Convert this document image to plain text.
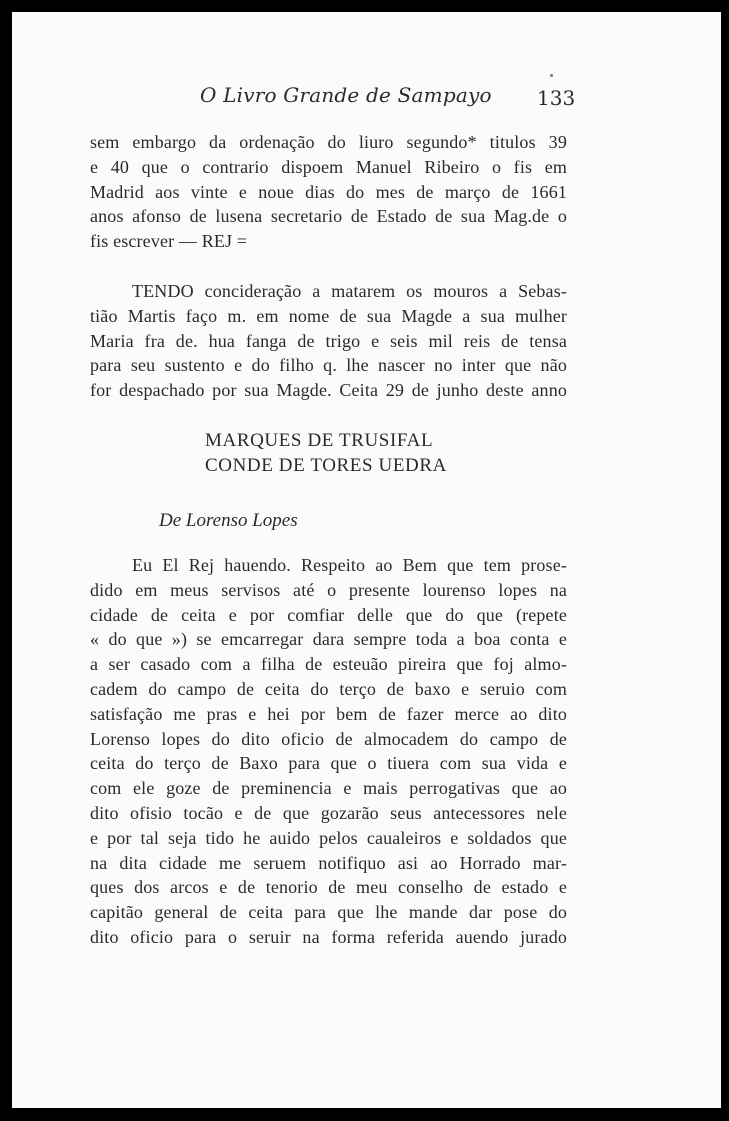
O Livro Grande de Sampayo 133
sem embargo da ordenação do liuro segundo* titulos 39
e 40 que o contrario dispoem Manuel Ribeiro o fis em
Madrid aos vinte e noue dias do mes de março de 1661
anos afonso de lusena secretario de Estado de sua Mag.de o
fis escrever — REJ =
TENDO concideração a matarem os mouros a Sebas-
tião Martis faço m. em nome de sua Magde a sua mulher
Maria fra de. hua fanga de trigo e seis mil reis de tensa
para seu sustento e do filho q. lhe nascer no inter que não
for despachado por sua Magde. Ceita 29 de junho deste anno
MARQUES DE TRUSIFAL
CONDE DE TORES UEDRA
De Lorenso Lopes
Eu El Rej hauendo. Respeito ao Bem que tem prose-
dido em meus servisos até o presente lourenso lopes na
cidade de ceita e por comfiar delle que do que (repete
« do que ») se emcarregar dara sempre toda a boa conta e
a ser casado com a filha de esteuão pireira que foj almo-
cadem do campo de ceita do terço de baxo e seruio com
satisfação me pras e hei por bem de fazer merce ao dito
Lorenso lopes do dito oficio de almocadem do campo de
ceita do terço de Baxo para que o tiuera com sua vida e
com ele goze de preminencia e mais perrogativas que ao
dito ofisio tocão e de que gozarão seus antecessores nele
e por tal seja tido he auido pelos caualeiros e soldados que
na dita cidade me seruem notifiquo asi ao Horrado mar-
ques dos arcos e de tenorio de meu conselho de estado e
capitão general de ceita para que lhe mande dar pose do
dito oficio para o seruir na forma referida auendo jurado
